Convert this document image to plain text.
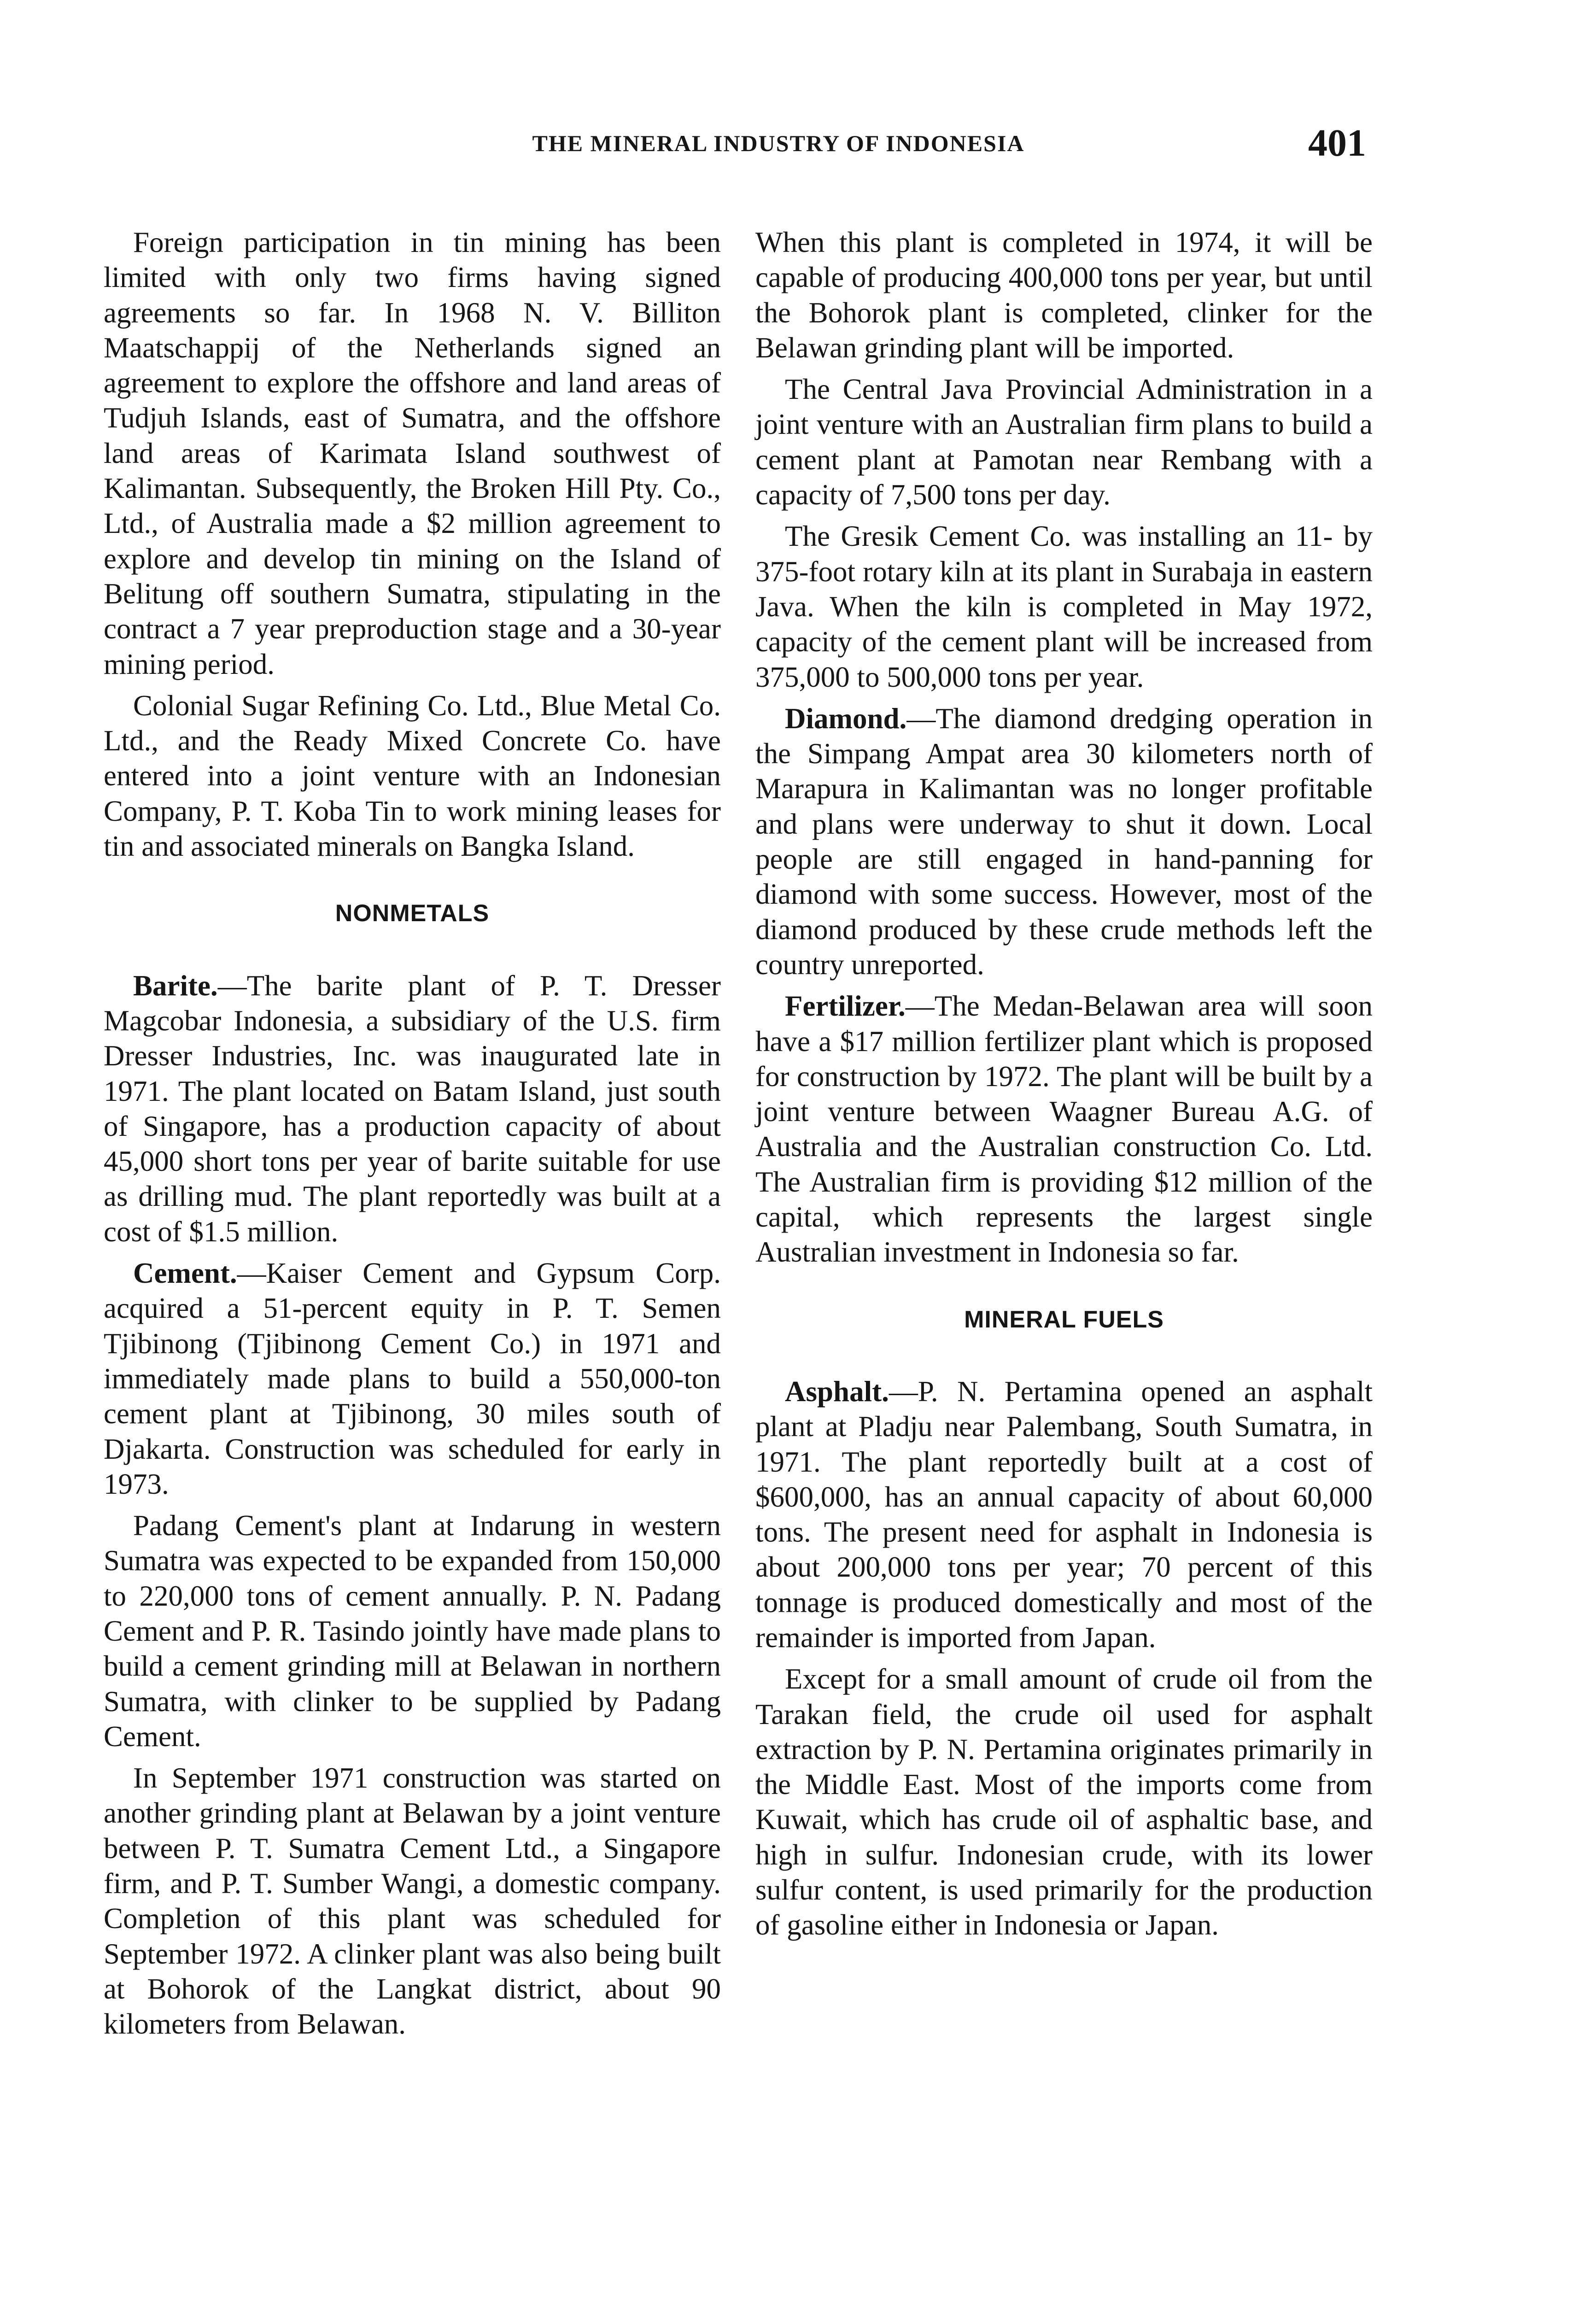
THE MINERAL INDUSTRY OF INDONESIA	401

Foreign participation in tin mining has been limited with only two firms having signed agreements so far. In 1968 N. V. Billiton Maatschappij of the Netherlands signed an agreement to explore the offshore and land areas of Tudjuh Islands, east of Sumatra, and the offshore land areas of Karimata Island southwest of Kalimantan. Subsequently, the Broken Hill Pty. Co., Ltd., of Australia made a $2 million agreement to explore and develop tin mining on the Island of Belitung off southern Sumatra, stipulating in the contract a 7 year preproduction stage and a 30-year mining period.

Colonial Sugar Refining Co. Ltd., Blue Metal Co. Ltd., and the Ready Mixed Concrete Co. have entered into a joint venture with an Indonesian Company, P. T. Koba Tin to work mining leases for tin and associated minerals on Bangka Island.

NONMETALS

Barite.—The barite plant of P. T. Dresser Magcobar Indonesia, a subsidiary of the U.S. firm Dresser Industries, Inc. was inaugurated late in 1971. The plant located on Batam Island, just south of Singapore, has a production capacity of about 45,000 short tons per year of barite suitable for use as drilling mud. The plant reportedly was built at a cost of $1.5 million.

Cement.—Kaiser Cement and Gypsum Corp. acquired a 51-percent equity in P. T. Semen Tjibinong (Tjibinong Cement Co.) in 1971 and immediately made plans to build a 550,000-ton cement plant at Tjibinong, 30 miles south of Djakarta. Construction was scheduled for early in 1973.

Padang Cement's plant at Indarung in western Sumatra was expected to be expanded from 150,000 to 220,000 tons of cement annually. P. N. Padang Cement and P. R. Tasindo jointly have made plans to build a cement grinding mill at Belawan in northern Sumatra, with clinker to be supplied by Padang Cement.

In September 1971 construction was started on another grinding plant at Belawan by a joint venture between P. T. Sumatra Cement Ltd., a Singapore firm, and P. T. Sumber Wangi, a domestic company. Completion of this plant was scheduled for September 1972. A clinker plant was also being built at Bohorok of the Langkat district, about 90 kilometers from Belawan.

When this plant is completed in 1974, it will be capable of producing 400,000 tons per year, but until the Bohorok plant is completed, clinker for the Belawan grinding plant will be imported.

The Central Java Provincial Administration in a joint venture with an Australian firm plans to build a cement plant at Pamotan near Rembang with a capacity of 7,500 tons per day.

The Gresik Cement Co. was installing an 11- by 375-foot rotary kiln at its plant in Surabaja in eastern Java. When the kiln is completed in May 1972, capacity of the cement plant will be increased from 375,000 to 500,000 tons per year.

Diamond.—The diamond dredging operation in the Simpang Ampat area 30 kilometers north of Marapura in Kalimantan was no longer profitable and plans were underway to shut it down. Local people are still engaged in hand-panning for diamond with some success. However, most of the diamond produced by these crude methods left the country unreported.

Fertilizer.—The Medan-Belawan area will soon have a $17 million fertilizer plant which is proposed for construction by 1972. The plant will be built by a joint venture between Waagner Bureau A.G. of Australia and the Australian construction Co. Ltd. The Australian firm is providing $12 million of the capital, which represents the largest single Australian investment in Indonesia so far.

MINERAL FUELS

Asphalt.—P. N. Pertamina opened an asphalt plant at Pladju near Palembang, South Sumatra, in 1971. The plant reportedly built at a cost of $600,000, has an annual capacity of about 60,000 tons. The present need for asphalt in Indonesia is about 200,000 tons per year; 70 percent of this tonnage is produced domestically and most of the remainder is imported from Japan.

Except for a small amount of crude oil from the Tarakan field, the crude oil used for asphalt extraction by P. N. Pertamina originates primarily in the Middle East. Most of the imports come from Kuwait, which has crude oil of asphaltic base, and high in sulfur. Indonesian crude, with its lower sulfur content, is used primarily for the production of gasoline either in Indonesia or Japan.
